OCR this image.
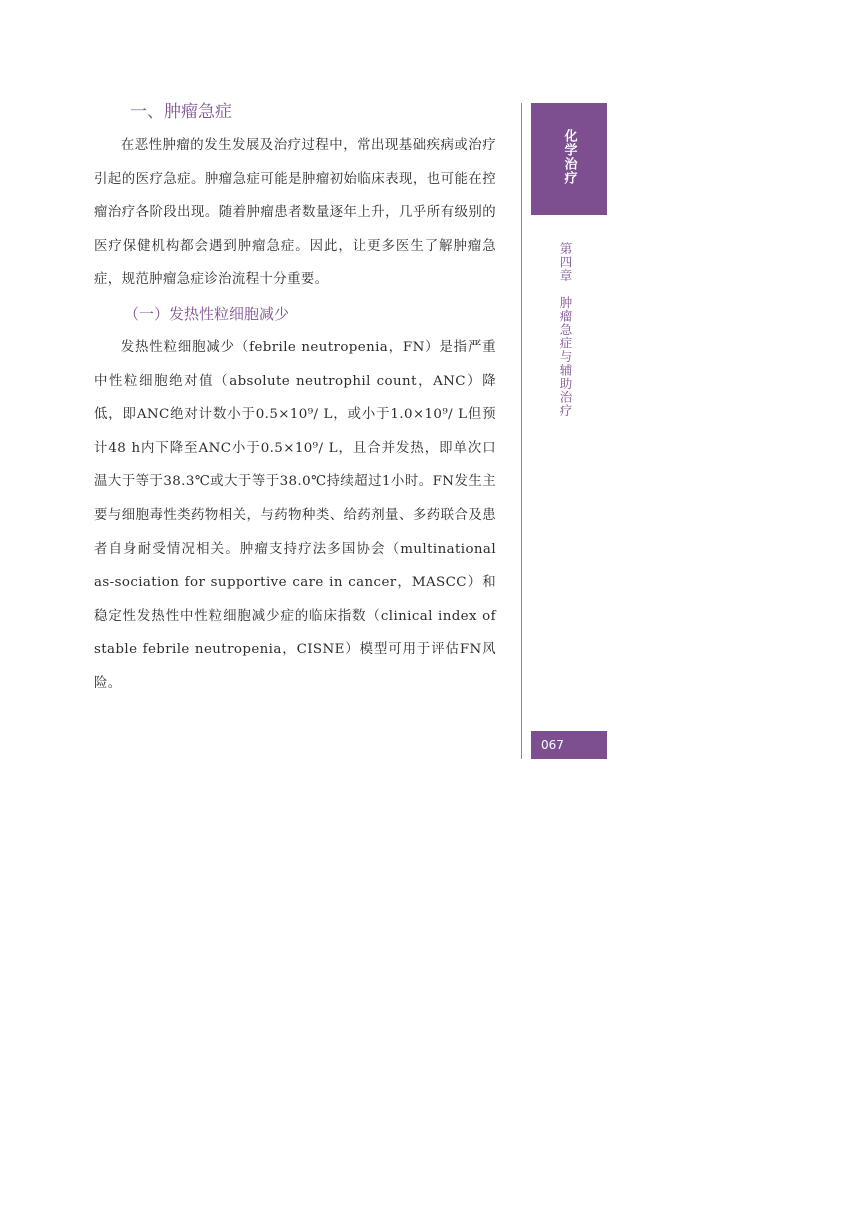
一、肿瘤急症

在恶性肿瘤的发生发展及治疗过程中，常出现基础疾病或治疗引起的医疗急症。肿瘤急症可能是肿瘤初始临床表现，也可能在控瘤治疗各阶段出现。随着肿瘤患者数量逐年上升，几乎所有级别的医疗保健机构都会遇到肿瘤急症。因此，让更多医生了解肿瘤急症，规范肿瘤急症诊治流程十分重要。

（一）发热性粒细胞减少

发热性粒细胞减少（febrile neutropenia，FN）是指严重中性粒细胞绝对值（absolute neutrophil count，ANC）降低，即ANC绝对计数小于0.5×10⁹/ L，或小于1.0×10⁹/ L但预计48 h内下降至ANC小于0.5×10⁹/ L，且合并发热，即单次口温大于等于38.3℃或大于等于38.0℃持续超过1小时。FN发生主要与细胞毒性类药物相关，与药物种类、给药剂量、多药联合及患者自身耐受情况相关。肿瘤支持疗法多国协会（multinational as-sociation for supportive care in cancer，MASCC）和稳定性发热性中性粒细胞减少症的临床指数（clinical index of stable febrile neutropenia，CISNE）模型可用于评估FN风险。

化学治疗
第四章　肿瘤急症与辅助治疗
067
